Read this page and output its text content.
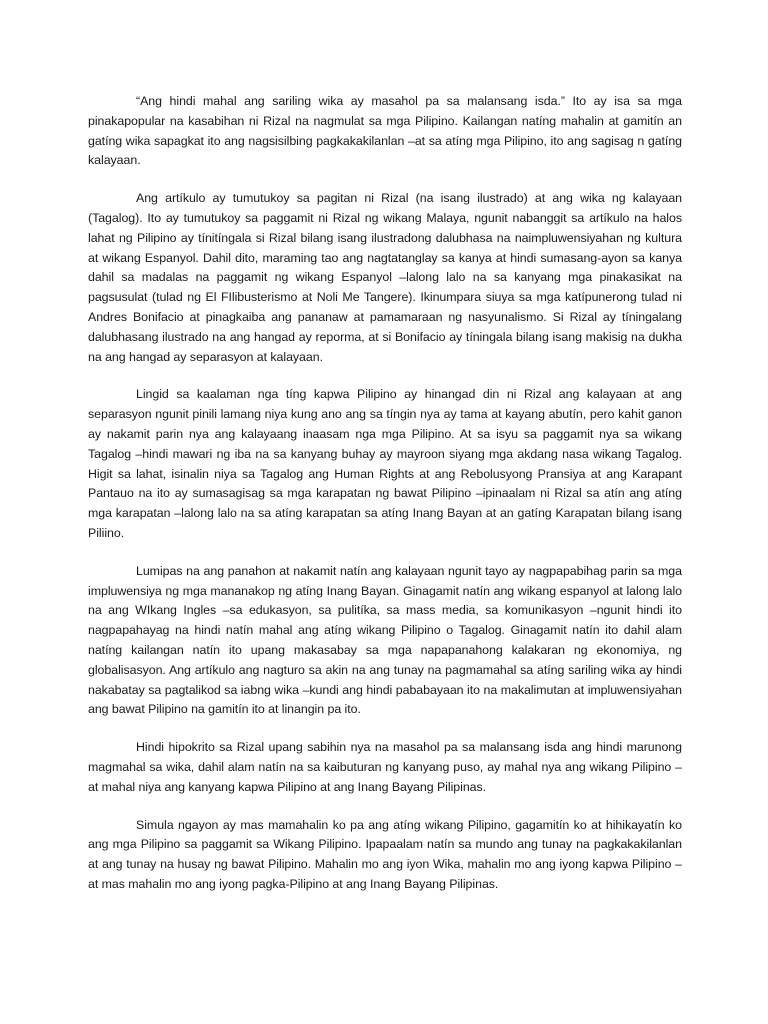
“Ang hindi mahal ang sariling wika ay masahol pa sa malansang isda.” Ito ay isa sa mga pinakapopular na kasabihan ni Rizal na nagmulat sa mga Pilipino. Kailangan natíng mahalin at gamitín an gatíng wika sapagkat ito ang nagsisilbing pagkakakilanlan –at sa atíng mga Pilipino, ito ang sagisag n gatíng kalayaan.

Ang artíkulo ay tumutukoy sa pagitan ni Rizal (na isang ilustrado) at ang wika ng kalayaan (Tagalog). Ito ay tumutukoy sa paggamit ni Rizal ng wikang Malaya, ngunit nabanggit sa artíkulo na halos lahat ng Pilipino ay tínitíngala si Rizal bilang isang ilustradong dalubhasa na naimpluwensiyahan ng kultura at wikang Espanyol. Dahil dito, maraming tao ang nagtatanglay sa kanya at hindi sumasang-ayon sa kanya dahil sa madalas na paggamit ng wikang Espanyol –lalong lalo na sa kanyang mga pinakasikat na pagsusulat (tulad ng El FIlibusterismo at Noli Me Tangere). Ikinumpara siuya sa mga katípunerong tulad ni Andres Bonifacio at pinagkaiba ang pananaw at pamamaraan ng nasyunalismo. Si Rizal ay tíningalang dalubhasang ilustrado na ang hangad ay reporma, at si Bonifacio ay tíningala bilang isang makisig na dukha na ang hangad ay separasyon at kalayaan.

Lingid sa kaalaman nga tíng kapwa Pilipino ay hinangad din ni Rizal ang kalayaan at ang separasyon ngunit pinili lamang niya kung ano ang sa tíngin nya ay tama at kayang abutín, pero kahit ganon ay nakamit parin nya ang kalayaang inaasam nga mga Pilipino. At sa isyu sa paggamit nya sa wikang Tagalog –hindi mawari ng iba na sa kanyang buhay ay mayroon siyang mga akdang nasa wikang Tagalog. Higit sa lahat, isinalin niya sa Tagalog ang Human Rights at ang Rebolusyong Pransiya at ang Karapant Pantauo na ito ay sumasagisag sa mga karapatan ng bawat Pilipino –ipinaalam ni Rizal sa atín ang atíng mga karapatan –lalong lalo na sa atíng karapatan sa atíng Inang Bayan at an gatíng Karapatan bilang isang Piliino.

Lumipas na ang panahon at nakamit natín ang kalayaan ngunit tayo ay nagpapabihag parin sa mga impluwensiya ng mga mananakop ng atíng Inang Bayan. Ginagamit natín ang wikang espanyol at lalong lalo na ang WIkang Ingles –sa edukasyon, sa pulitíka, sa mass media, sa komunikasyon –ngunit hindi ito nagpapahayag na hindi natín mahal ang atíng wikang Pilipino o Tagalog. Ginagamit natín ito dahil alam natíng kailangan natín ito upang makasabay sa mga napapanahong kalakaran ng ekonomiya, ng globalisasyon. Ang artíkulo ang nagturo sa akin na ang tunay na pagmamahal sa atíng sariling wika ay hindi nakabatay sa pagtalikod sa iabng wika –kundi ang hindi pababayaan ito na makalimutan at impluwensiyahan ang bawat Pilipino na gamitín ito at linangin pa ito.

Hindi hipokrito sa Rizal upang sabihin nya na masahol pa sa malansang isda ang hindi marunong magmahal sa wika, dahil alam natín na sa kaibuturan ng kanyang puso, ay mahal nya ang wikang Pilipino –at mahal niya ang kanyang kapwa Pilipino at ang Inang Bayang Pilipinas.

Simula ngayon ay mas mamahalin ko pa ang atíng wikang Pilipino, gagamitín ko at hihikayatín ko ang mga Pilipino sa paggamit sa Wikang Pilipino. Ipapaalam natín sa mundo ang tunay na pagkakakilanlan at ang tunay na husay ng bawat Pilipino. Mahalin mo ang iyon Wika, mahalin mo ang iyong kapwa Pilipino –at mas mahalin mo ang iyong pagka-Pilipino at ang Inang Bayang Pilipinas.
